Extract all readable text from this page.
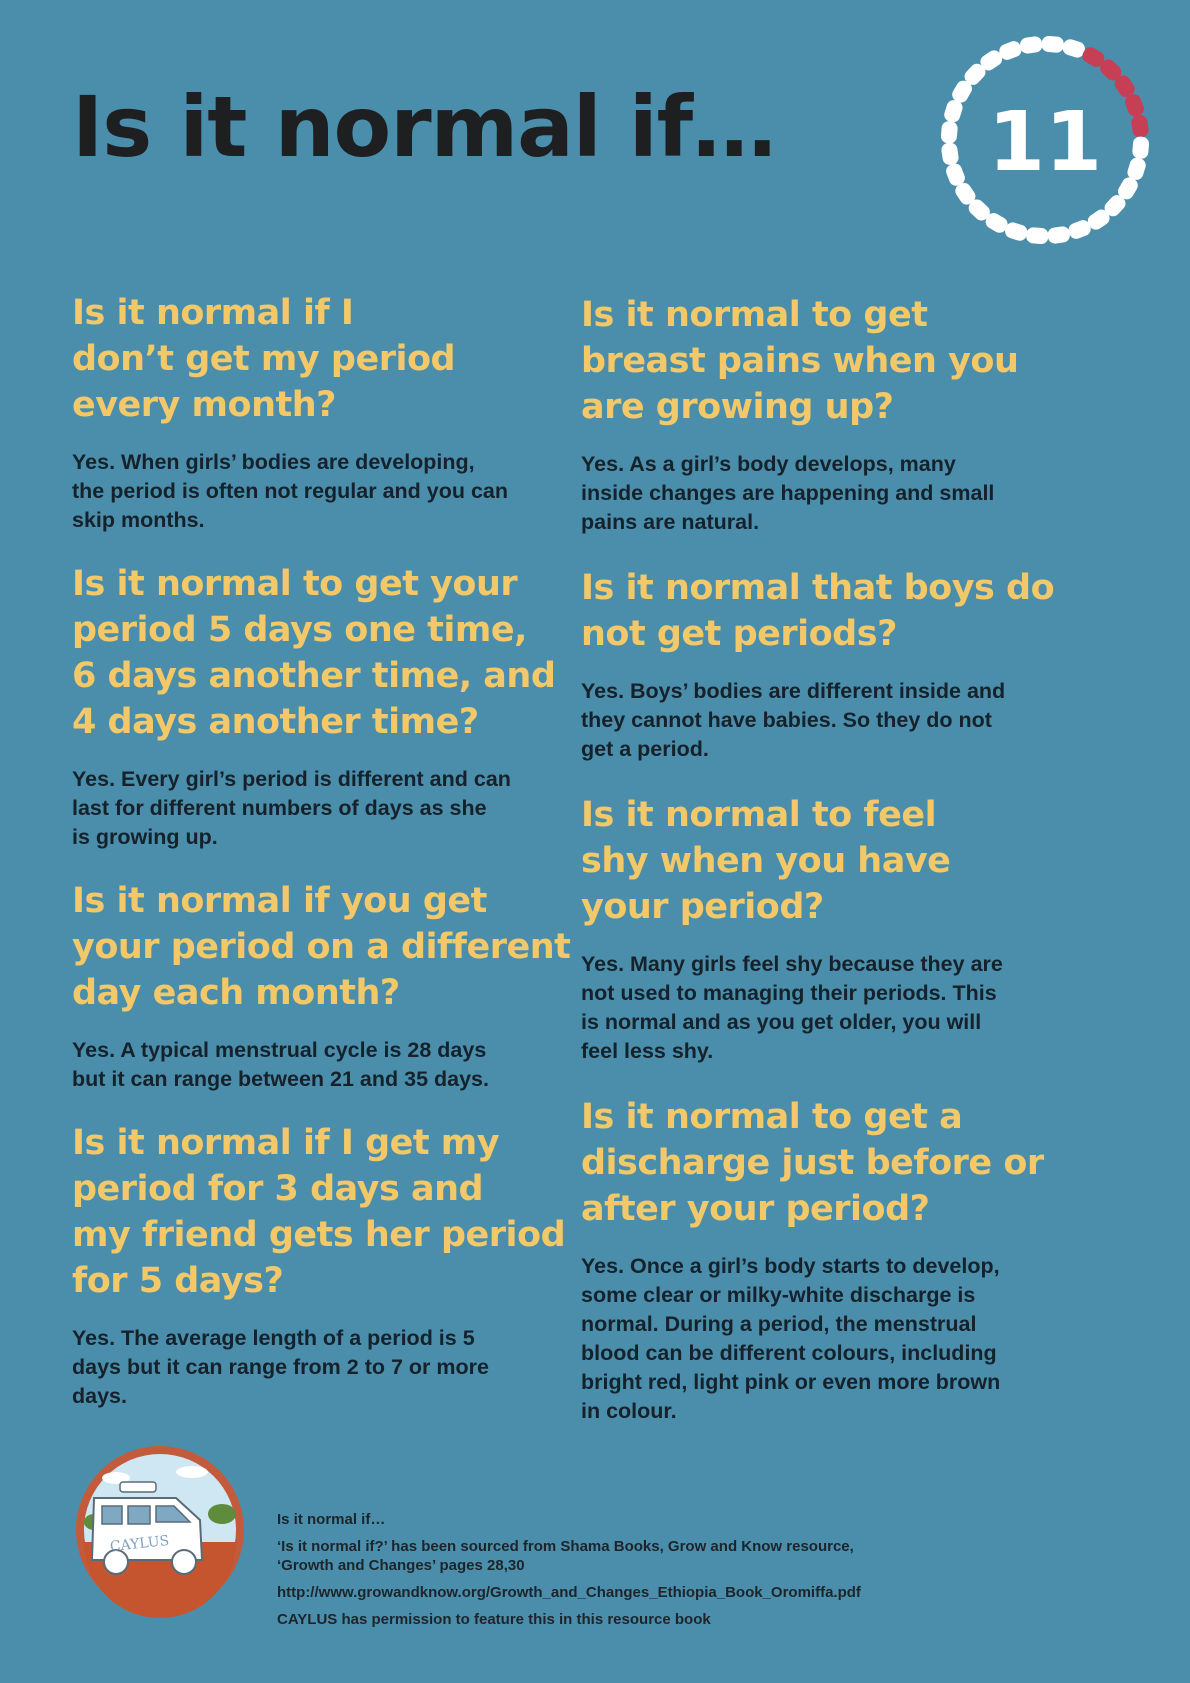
Is it normal if…	11
Is it normal if I
don’t get my period
every month?

Yes. When girls’ bodies are developing,
the period is often not regular and you can
skip months.

Is it normal to get your
period 5 days one time,
6 days another time, and
4 days another time?

Yes. Every girl’s period is different and can
last for different numbers of days as she
is growing up.

Is it normal if you get
your period on a different
day each month?

Yes. A typical menstrual cycle is 28 days
but it can range between 21 and 35 days.

Is it normal if I get my
period for 3 days and
my friend gets her period
for 5 days?

Yes. The average length of a period is 5
days but it can range from 2 to 7 or more
days.

Is it normal to get
breast pains when you
are growing up?

Yes. As a girl’s body develops, many
inside changes are happening and small
pains are natural.

Is it normal that boys do
not get periods?

Yes. Boys’ bodies are different inside and
they cannot have babies. So they do not
get a period.

Is it normal to feel
shy when you have
your period?

Yes. Many girls feel shy because they are
not used to managing their periods. This
is normal and as you get older, you will
feel less shy.

Is it normal to get a
discharge just before or
after your period?

Yes. Once a girl’s body starts to develop,
some clear or milky-white discharge is
normal. During a period, the menstrual
blood can be different colours, including
bright red, light pink or even more brown
in colour.

CAYLUS

Is it normal if…

‘Is it normal if?’ has been sourced from Shama Books, Grow and Know resource,
‘Growth and Changes’ pages 28,30

http://www.growandknow.org/Growth_and_Changes_Ethiopia_Book_Oromiffa.pdf

CAYLUS has permission to feature this in this resource book
